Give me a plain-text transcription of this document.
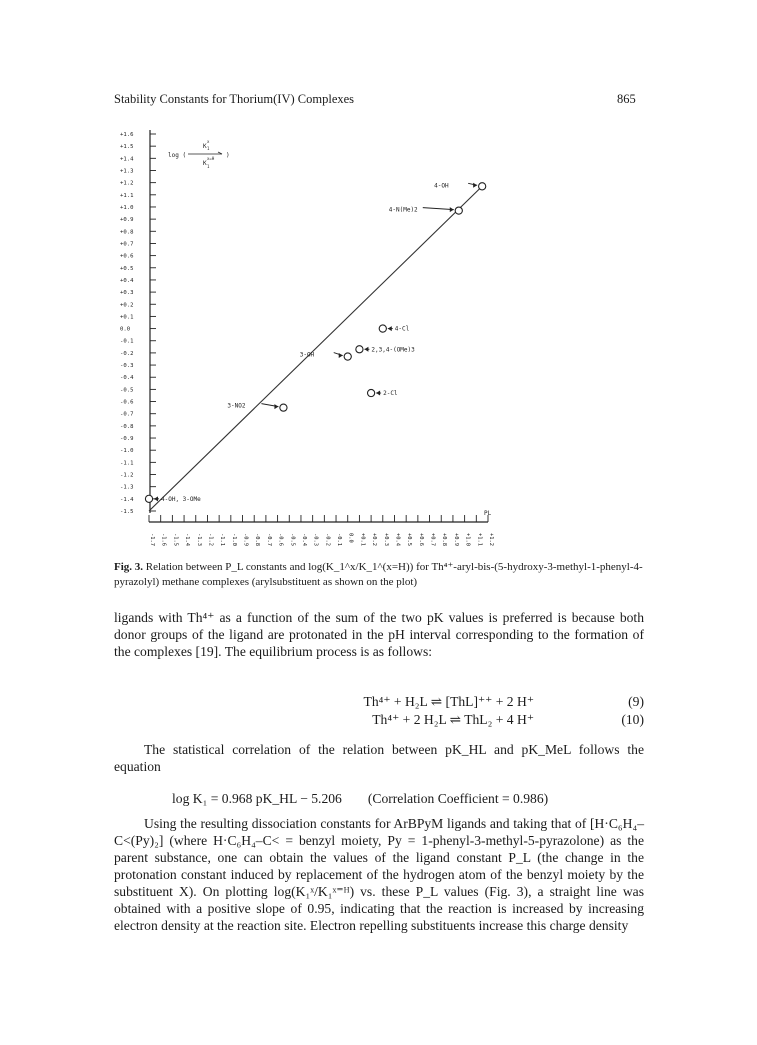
Stability Constants for Thorium(IV) Complexes	865
+1.6
+1.5
+1.4
+1.3
+1.2
+1.1
+1.0
+0.9
+0.8
+0.7
+0.6
+0.5
+0.4
+0.3
+0.2
+0.1
0.0
-0.1
-0.2
-0.3
-0.4
-0.5
-0.6
-0.7
-0.8
-0.9
-1.0
-1.1
-1.2
-1.3
-1.4
-1.5
-1.7 -1.6 -1.5 -1.4 -1.3 -1.2 -1.1 -1.0 -0.9 -0.8 -0.7 -0.6 -0.5 -0.4 -0.3 -0.2 -0.1 0.0 +0.1 +0.2 +0.3 +0.4 +0.5 +0.6 +0.7 +0.8 +0.9 +1.0 +1.1 +1.2
log (
K
x
1
K
x=H
1
)
PL
4-OH
4-N(Me)2
4-Cl
2,3,4-(OMe)3
3-OH
2-Cl
3-NO2
4-OH, 3-OMe
Fig. 3. Relation between P_L constants and log(K_1^x/K_1^(x=H)) for Th⁴⁺-aryl-bis-(5-hydroxy-3-methyl-1-phenyl-4-pyrazolyl) methane complexes (arylsubstituent as shown on the plot)

ligands with Th⁴⁺ as a function of the sum of the two pK values is preferred is because both donor groups of the ligand are protonated in the pH interval corresponding to the formation of the complexes [19]. The equilibrium process is as follows:

Th⁴⁺ + H₂L ⇌ [ThL]⁺⁺ + 2 H⁺	(9)
Th⁴⁺ + 2 H₂L ⇌ ThL₂ + 4 H⁺	(10)

The statistical correlation of the relation between pK_HL and pK_MeL follows the equation

log K₁ = 0.968 pK_HL − 5.206 (Correlation Coefficient = 0.986)

Using the resulting dissociation constants for ArBPyM ligands and taking that of [H·C₆H₄–C<(Py)₂] (where H·C₆H₄–C< = benzyl moiety, Py = 1-phenyl-3-methyl-5-pyrazolone) as the parent substance, one can obtain the values of the ligand constant P_L (the change in the protonation constant induced by replacement of the hydrogen atom of the benzyl moiety by the substituent X). On plotting log(K₁ˣ/K₁ˣ⁼ᴴ) vs. these P_L values (Fig. 3), a straight line was obtained with a positive slope of 0.95, indicating that the reaction is increased by increasing electron density at the reaction site. Electron repelling substituents increase this charge density
